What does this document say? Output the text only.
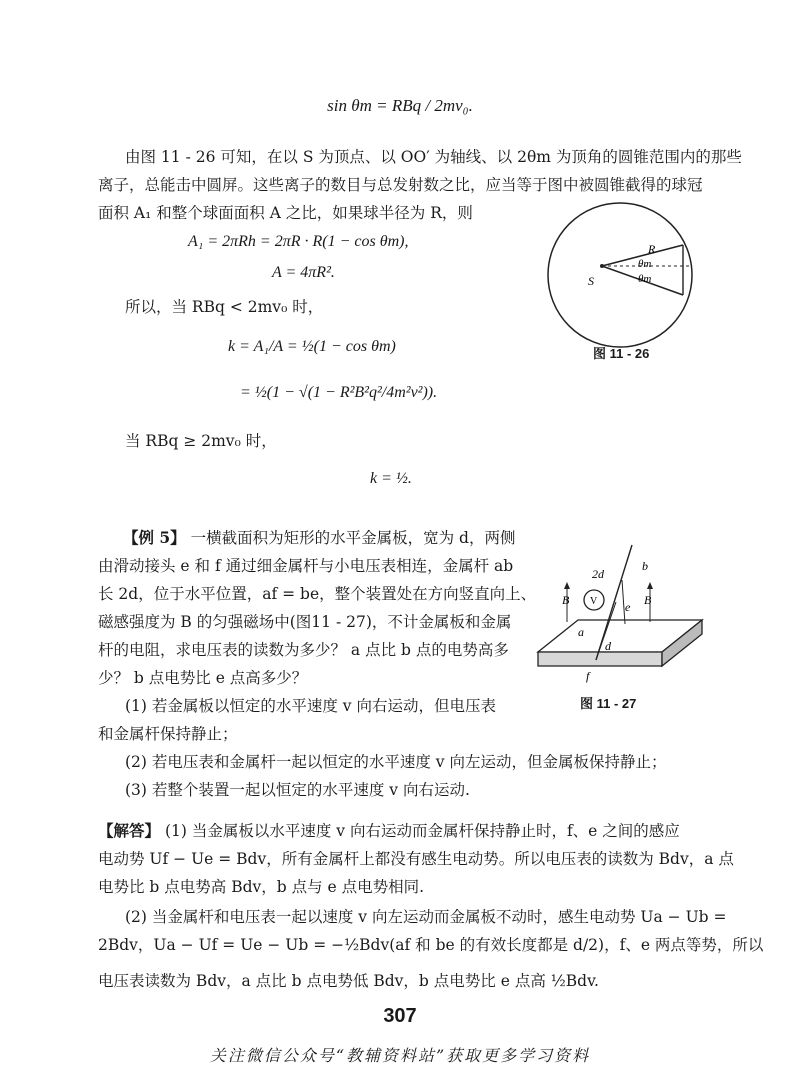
sin θm = RBq / 2mv₀.
由图 11 - 26 可知，在以 S 为顶点、以 OO′ 为轴线、以 2θm 为顶角的圆锥范围内的那些
离子，总能击中圆屏。这些离子的数目与总发射数之比，应当等于图中被圆锥截得的球冠
面积 A₁ 和整个球面面积 A 之比，如果球半径为 R，则
A₁ = 2πRh = 2πR · R(1 − cos θm),
A = 4πR².
所以，当 RBq < 2mv₀ 时，
k = A₁/A = ½(1 − cos θm)
= ½(1 − √(1 − R²B²q²/4m²v²)).
当 RBq ≥ 2mv₀ 时，
k = ½.
R
S
θm
θm
图 11 - 26
【例 5】 一横截面积为矩形的水平金属板，宽为 d，两侧
由滑动接头 e 和 f 通过细金属杆与小电压表相连，金属杆 ab
长 2d，位于水平位置，af = be，整个装置处在方向竖直向上、
磁感强度为 B 的匀强磁场中(图11 - 27)，不计金属板和金属
杆的电阻，求电压表的读数为多少？ a 点比 b 点的电势高多
少？ b 点电势比 e 点高多少？
(1) 若金属板以恒定的水平速度 v 向右运动，但电压表
和金属杆保持静止；
(2) 若电压表和金属杆一起以恒定的水平速度 v 向左运动，但金属板保持静止；
(3) 若整个装置一起以恒定的水平速度 v 向右运动.
V
b
2d
e
a
d
f
B	B
图 11 - 27
【解答】 (1) 当金属板以水平速度 v 向右运动而金属杆保持静止时，f、e 之间的感应
电动势 Uf − Ue = Bdv，所有金属杆上都没有感生电动势。所以电压表的读数为 Bdv，a 点
电势比 b 点电势高 Bdv，b 点与 e 点电势相同.
(2) 当金属杆和电压表一起以速度 v 向左运动而金属板不动时，感生电动势 Ua − Ub =
2Bdv，Ua − Uf = Ue − Ub = −½Bdv(af 和 be 的有效长度都是 d/2)，f、e 两点等势，所以
电压表读数为 Bdv，a 点比 b 点电势低 Bdv，b 点电势比 e 点高 ½Bdv.
307
关注微信公众号“教辅资料站”获取更多学习资料
